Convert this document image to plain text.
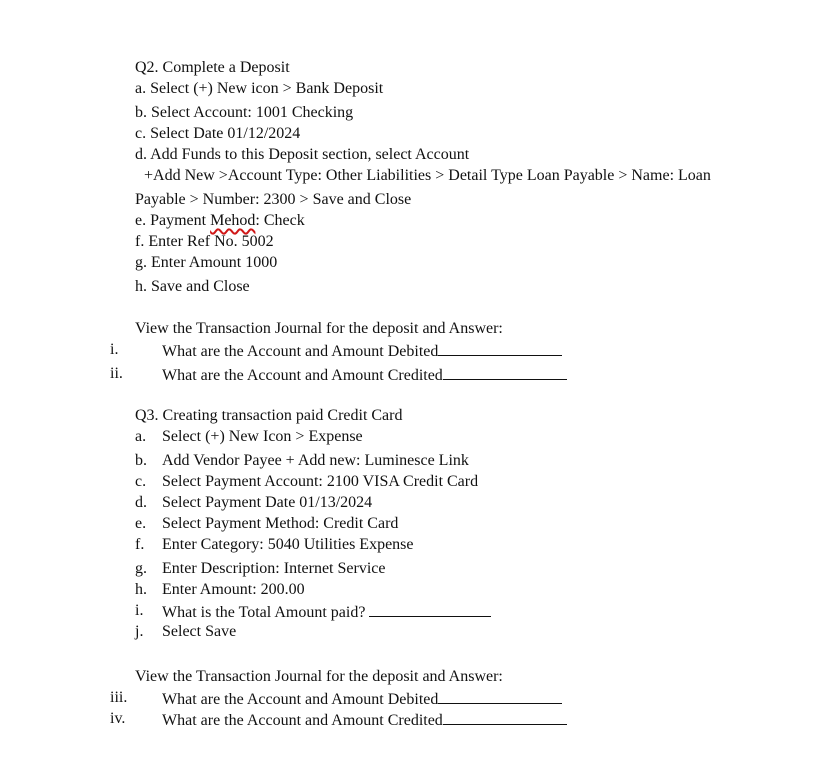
Q2. Complete a Deposit
a. Select (+) New icon > Bank Deposit
b. Select Account: 1001 Checking
c. Select Date 01/12/2024
d. Add Funds to this Deposit section, select Account
+Add New >Account Type: Other Liabilities > Detail Type Loan Payable > Name: Loan
Payable > Number: 2300 > Save and Close
e. Payment Mehod: Check
f. Enter Ref No. 5002
g. Enter Amount 1000
h. Save and Close
View the Transaction Journal for the deposit and Answer:
i.	What are the Account and Amount Debited
ii. What are the Account and Amount Credited
Q3. Creating transaction paid Credit Card
a. Select (+) New Icon > Expense
b. Add Vendor Payee + Add new: Luminesce Link
c. Select Payment Account: 2100 VISA Credit Card
d. Select Payment Date 01/13/2024
e. Select Payment Method: Credit Card
f. Enter Category: 5040 Utilities Expense
g. Enter Description: Internet Service
h. Enter Amount: 200.00
i. What is the Total Amount paid?
j. Select Save
View the Transaction Journal for the deposit and Answer:
iii. What are the Account and Amount Debited
iv. What are the Account and Amount Credited
